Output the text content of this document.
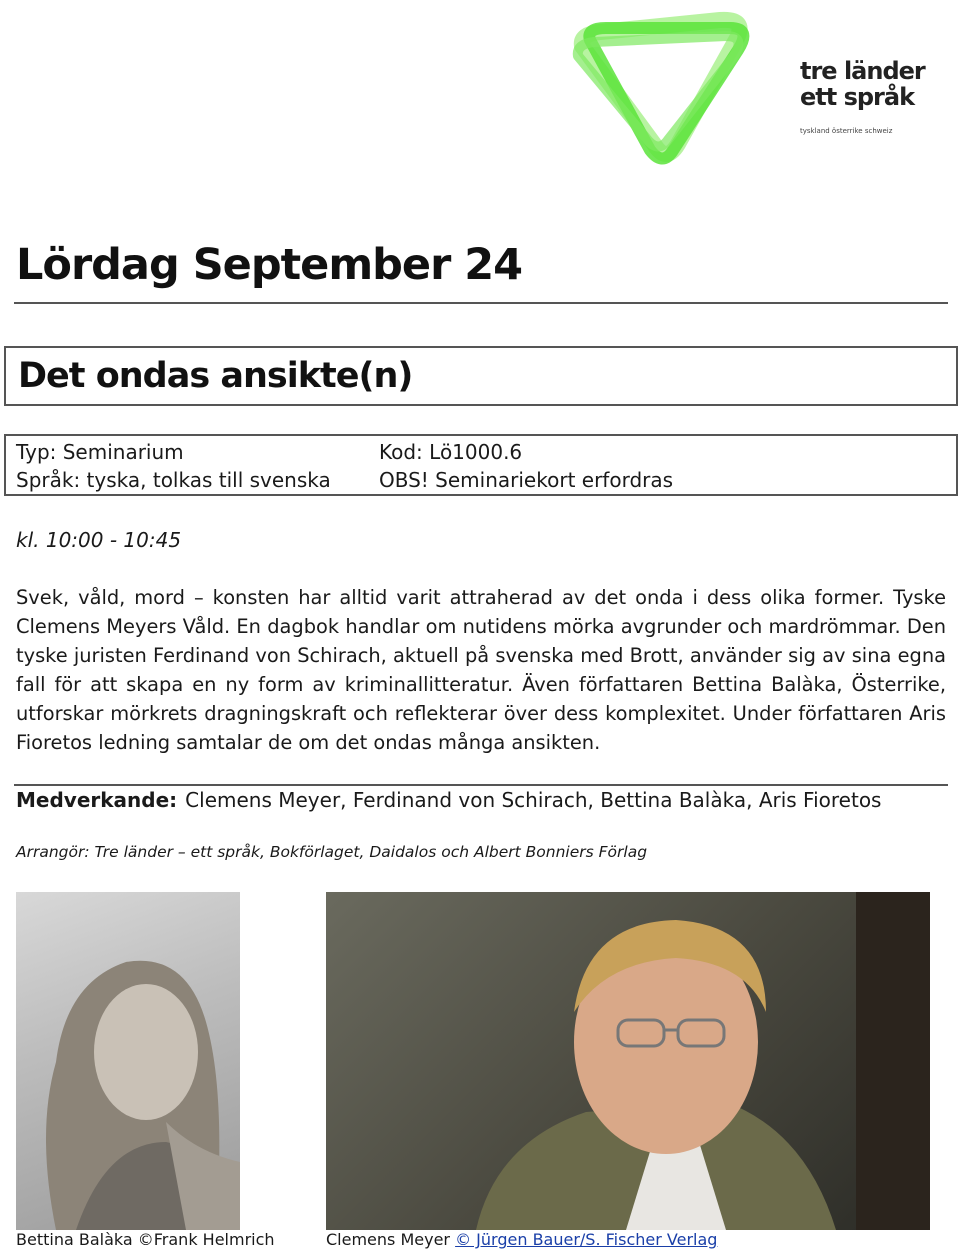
tre länder
ett språk
tyskland österrike schweiz
Lördag September 24
Det ondas ansikte(n)
Typ: Seminarium
Språk: tyska, tolkas till svenska
Kod: Lö1000.6
OBS! Seminariekort erfordras
kl. 10:00 - 10:45
Svek, våld, mord – konsten har alltid varit attraherad av det onda i dess olika former. Tyske Clemens Meyers Våld. En dagbok handlar om nutidens mörka avgrunder och mardrömmar. Den tyske juristen Ferdinand von Schirach, aktuell på svenska med Brott, använder sig av sina egna fall för att skapa en ny form av kriminallitteratur. Även författaren Bettina Balàka, Österrike, utforskar mörkrets dragningskraft och reflekterar över dess komplexitet. Under författaren Aris Fioretos ledning samtalar de om det ondas många ansikten.
Medverkande: Clemens Meyer, Ferdinand von Schirach, Bettina Balàka, Aris Fioretos
Arrangör: Tre länder – ett språk, Bokförlaget, Daidalos och Albert Bonniers Förlag
Bettina Balàka ©Frank Helmrich	Clemens Meyer © Jürgen Bauer/S. Fischer Verlag
